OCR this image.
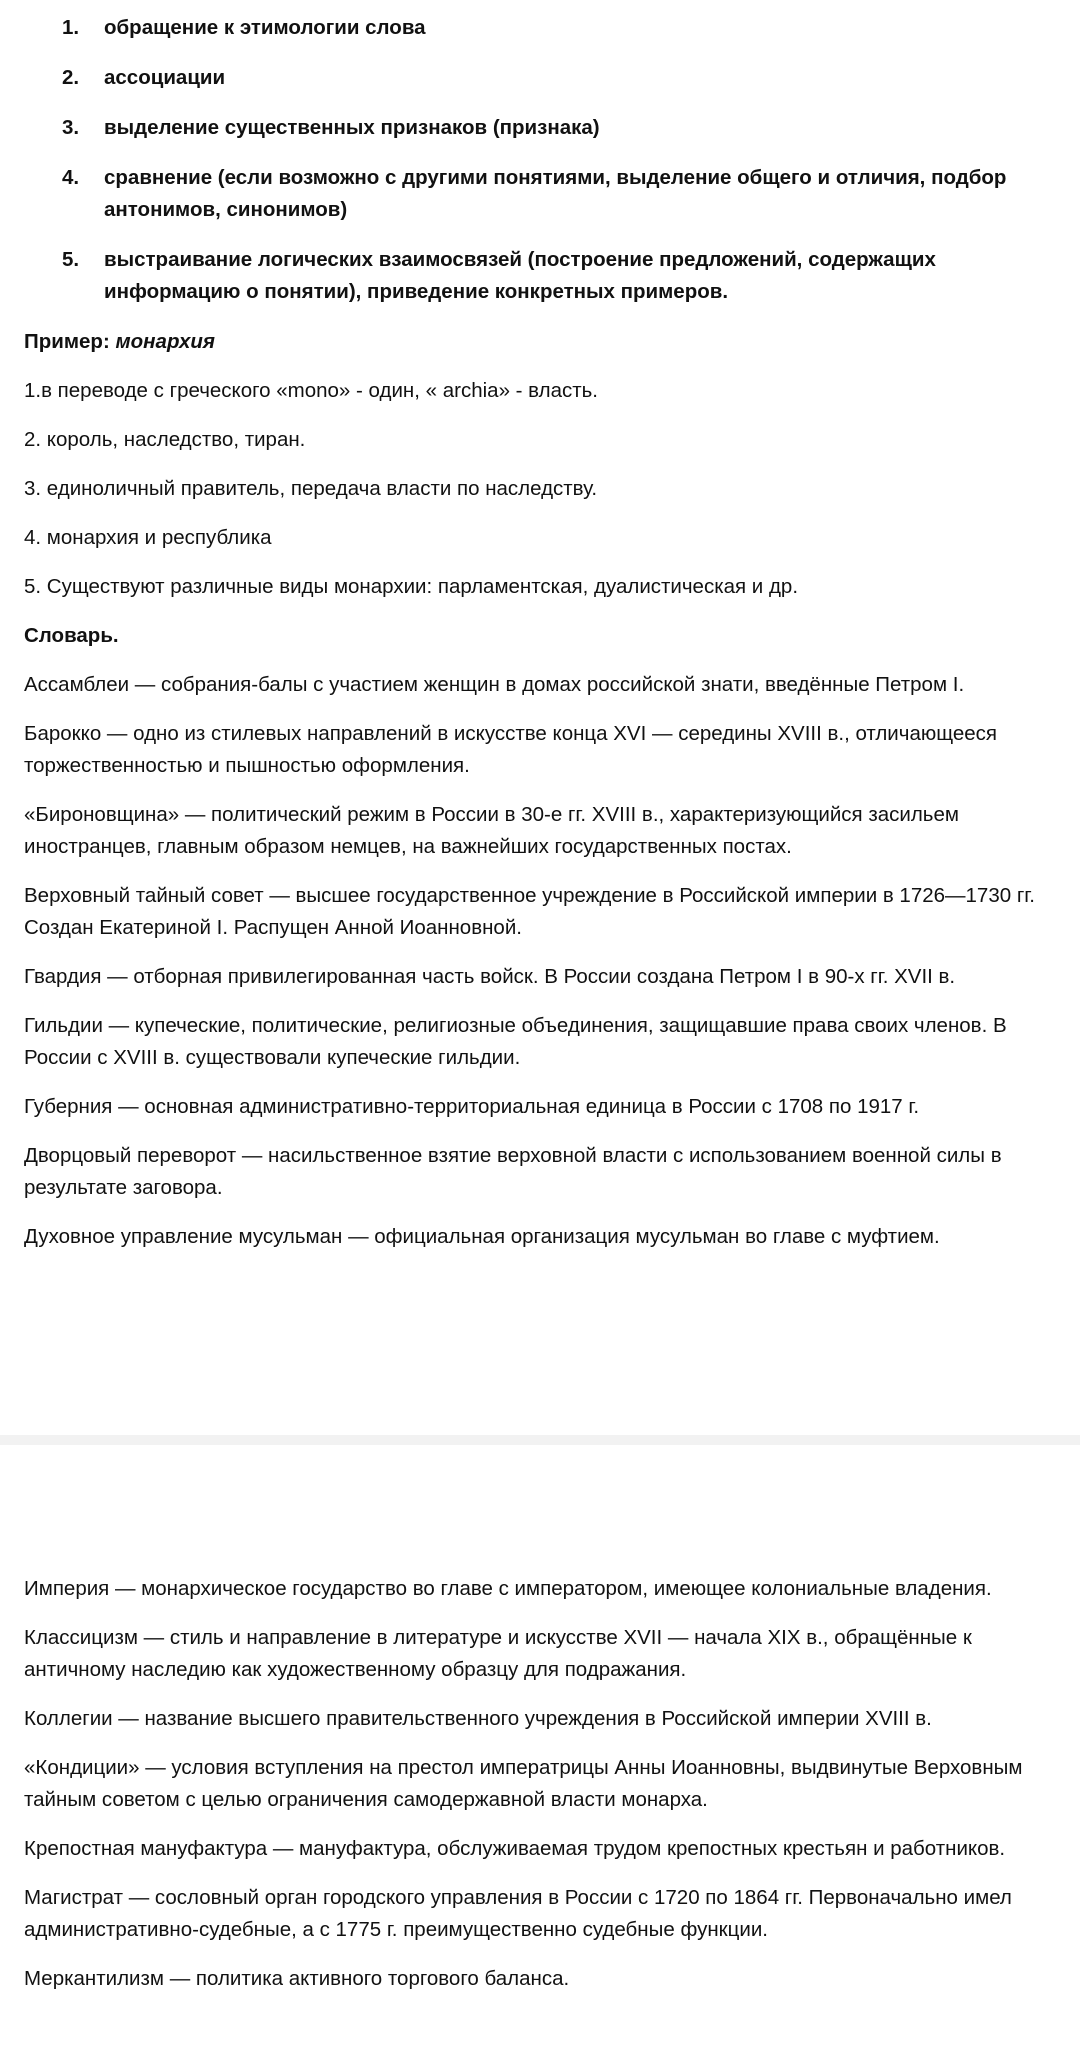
1. обращение к этимологии слова
2. ассоциации
3. выделение существенных признаков (признака)
4. сравнение (если возможно с другими понятиями, выделение общего и отличия, подбор антонимов, синонимов)
5. выстраивание логических взаимосвязей (построение предложений, содержащих информацию о понятии), приведение конкретных примеров.

Пример: монархия

1.в переводе с греческого «mono» - один, « archia» - власть.

2. король, наследство, тиран.

3. единоличный правитель, передача власти по наследству.

4. монархия и республика

5. Существуют различные виды монархии: парламентская, дуалистическая и др.

Словарь.

Ассамблеи — собрания-балы с участием женщин в домах российской знати, введённые Петром I.

Барокко — одно из стилевых направлений в искусстве конца XVI — середины XVIII в., отличающееся торжественностью и пышностью оформления.

«Бироновщина» — политический режим в России в 30-е гг. XVIII в., характеризующийся засильем иностранцев, главным образом немцев, на важнейших государственных постах.

Верховный тайный совет — высшее государственное учреждение в Российской империи в 1726—1730 гг. Создан Екатериной I. Распущен Анной Иоанновной.

Гвардия — отборная привилегированная часть войск. В России создана Петром I в 90-х гг. XVII в.

Гильдии — купеческие, политические, религиозные объединения, защищавшие права своих членов. В России с XVIII в. существовали купеческие гильдии.

Губерния — основная административно-территориальная единица в России с 1708 по 1917 г.

Дворцовый переворот — насильственное взятие верховной власти с использованием военной силы в результате заговора.

Духовное управление мусульман — официальная организация мусульман во главе с муфтием.

Империя — монархическое государство во главе с императором, имеющее колониальные владения.

Классицизм — стиль и направление в литературе и искусстве XVII — начала XIX в., обращённые к античному наследию как художественному образцу для подражания.

Коллегии — название высшего правительственного учреждения в Российской империи XVIII в.

«Кондиции» — условия вступления на престол императрицы Анны Иоанновны, выдвинутые Верховным тайным советом с целью ограничения самодержавной власти монарха.

Крепостная мануфактура — мануфактура, обслуживаемая трудом крепостных крестьян и работников.

Магистрат — сословный орган городского управления в России с 1720 по 1864 гг. Первоначально имел административно-судебные, а с 1775 г. преимущественно судебные функции.

Меркантилизм — политика активного торгового баланса.
